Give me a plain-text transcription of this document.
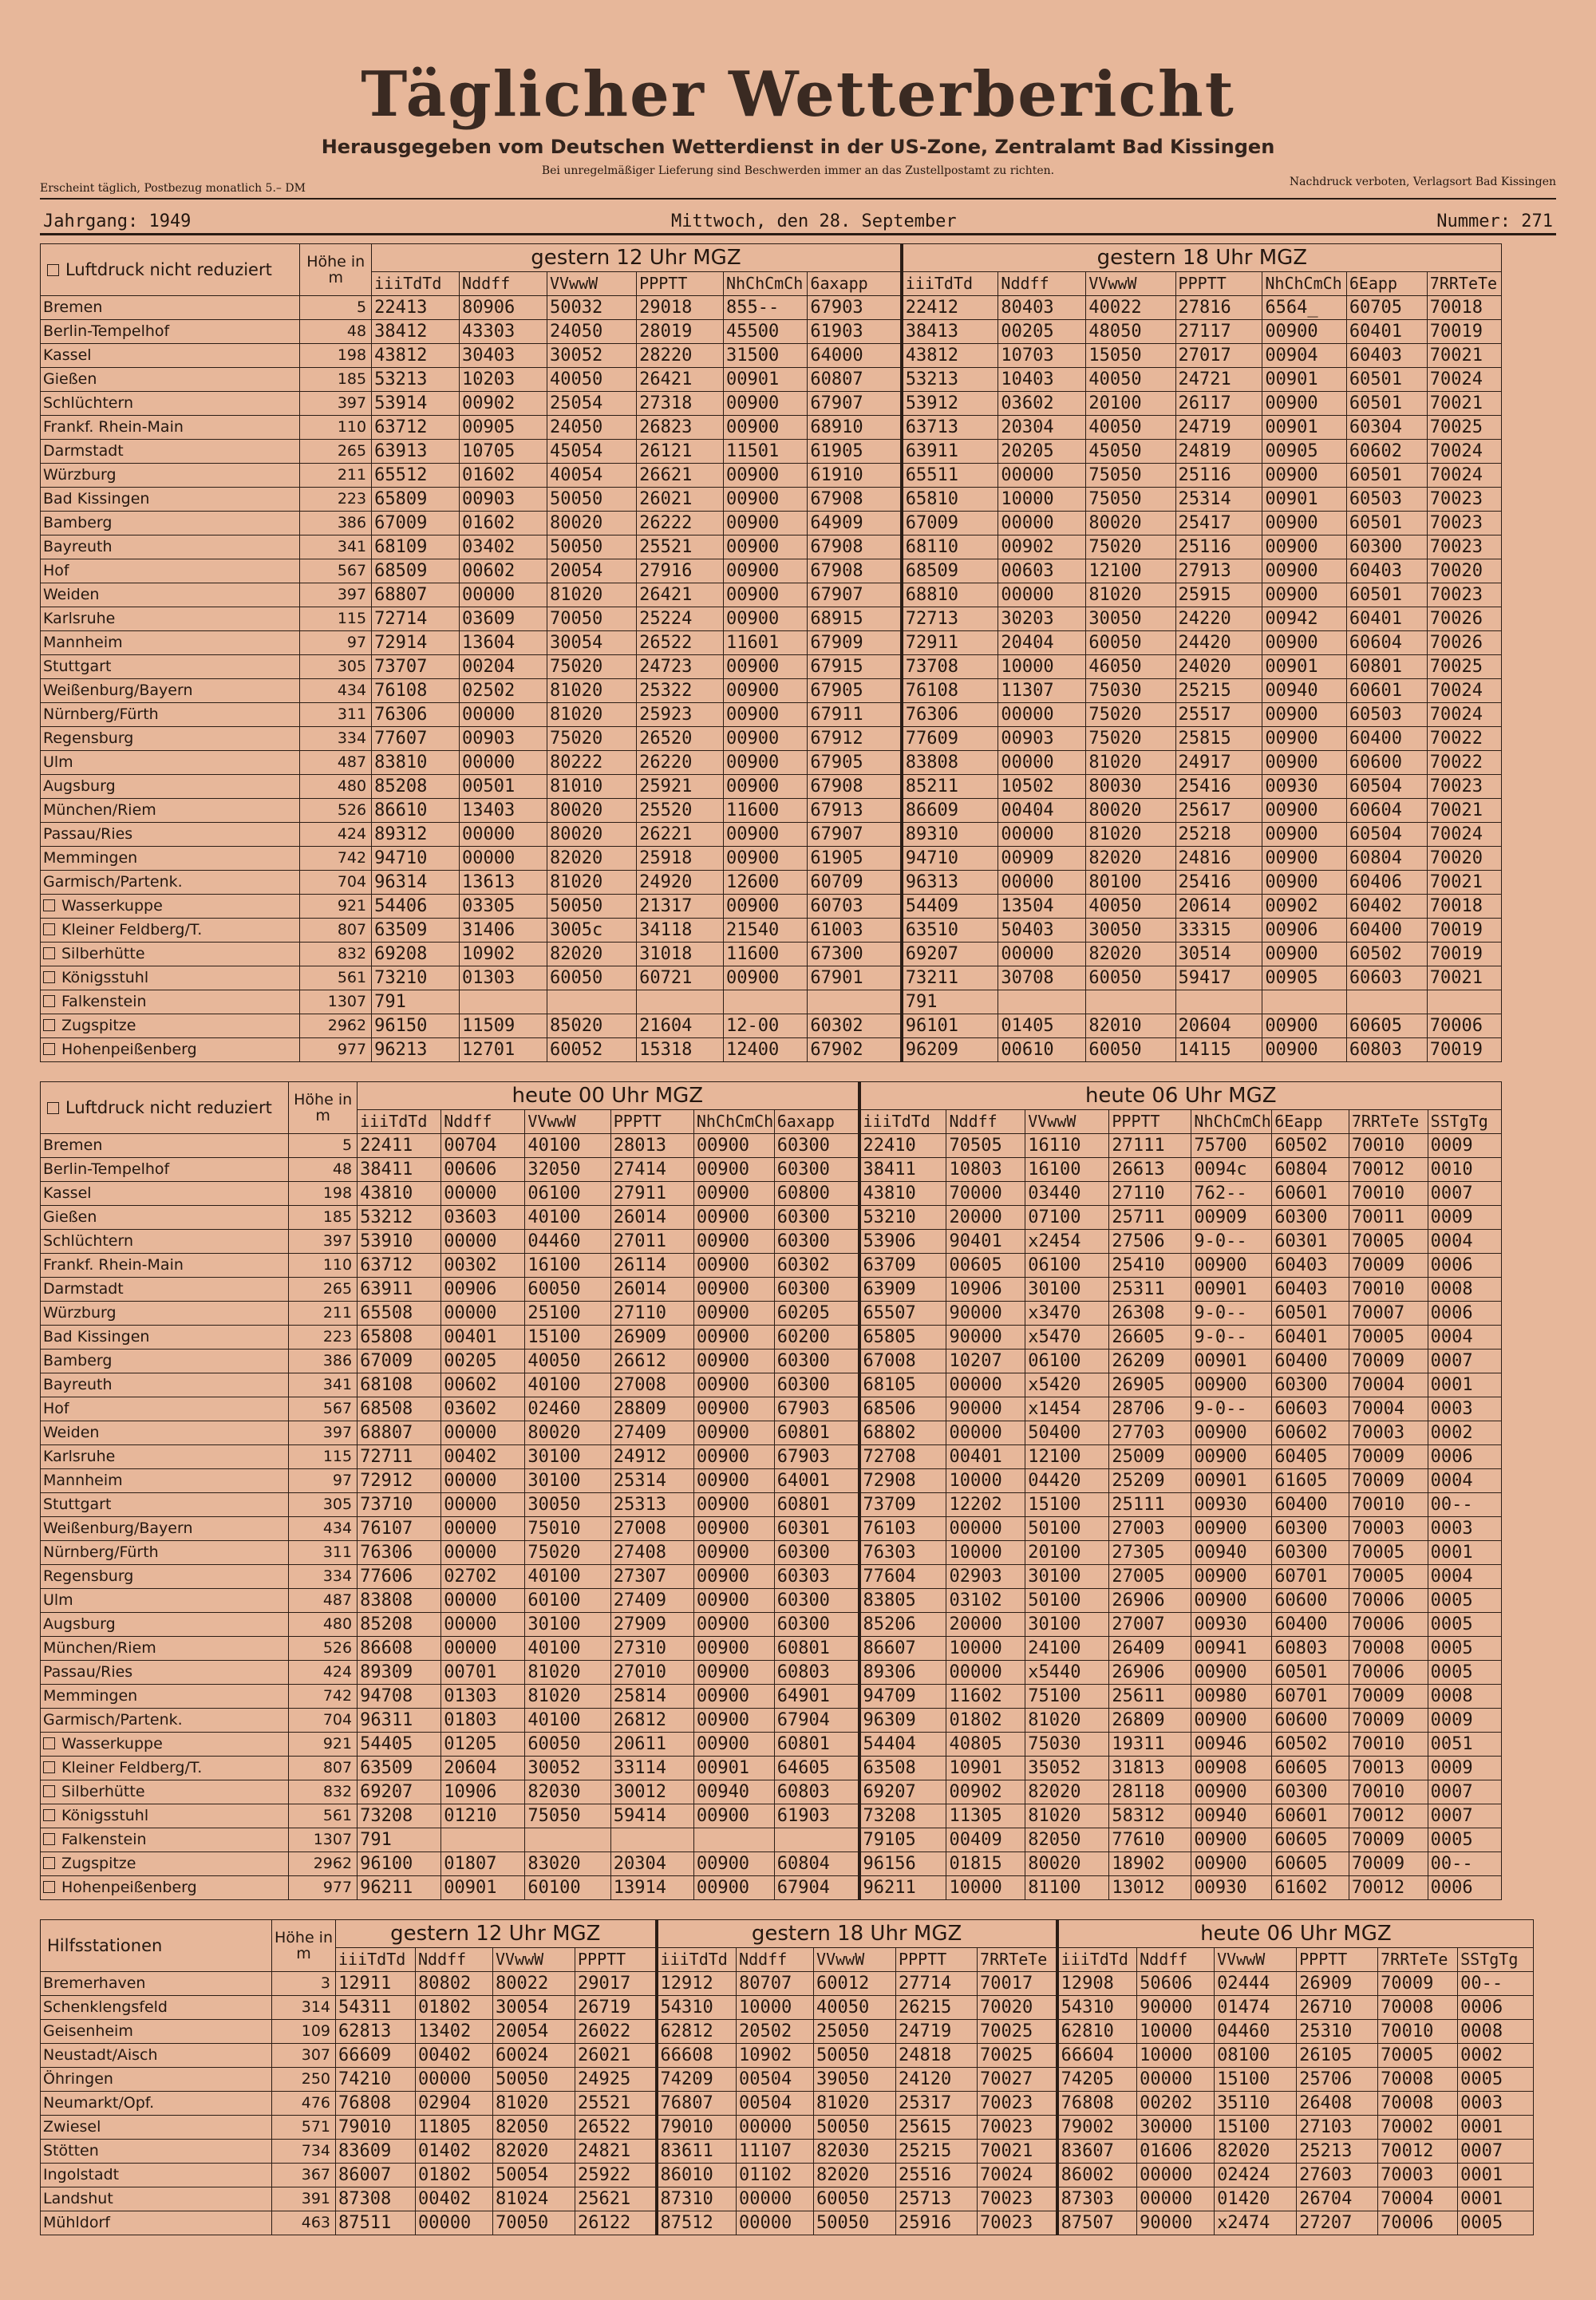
Täglicher Wetterbericht
Herausgegeben vom Deutschen Wetterdienst in der US-Zone, Zentralamt Bad Kissingen
Erscheint täglich, Postbezug monatlich 5.– DM
Bei unregelmäßiger Lieferung sind Beschwerden immer an das Zustellpostamt zu richten.
Nachdruck verboten, Verlagsort Bad Kissingen
Jahrgang: 1949	Mittwoch, den 28. September	Nummer: 271
Luftdruck nicht reduziert	Höhe in m	gestern 12 Uhr MGZ						gestern 18 Uhr MGZ						
		iiiTdTd	Nddff	VVwwW	PPPTT	NhChCmCh	6axapp	iiiTdTd	Nddff	VVwwW	PPPTT	NhChCmCh	6Eapp	7RRTeTe
Bremen	5	22413	80906	50032	29018	855--	67903	22412	80403	40022	27816	6564_	60705	70018
Berlin-Tempelhof	48	38412	43303	24050	28019	45500	61903	38413	00205	48050	27117	00900	60401	70019
Kassel	198	43812	30403	30052	28220	31500	64000	43812	10703	15050	27017	00904	60403	70021
Gießen	185	53213	10203	40050	26421	00901	60807	53213	10403	40050	24721	00901	60501	70024
Schlüchtern	397	53914	00902	25054	27318	00900	67907	53912	03602	20100	26117	00900	60501	70021
Frankf. Rhein-Main	110	63712	00905	24050	26823	00900	68910	63713	20304	40050	24719	00901	60304	70025
Darmstadt	265	63913	10705	45054	26121	11501	61905	63911	20205	45050	24819	00905	60602	70024
Würzburg	211	65512	01602	40054	26621	00900	61910	65511	00000	75050	25116	00900	60501	70024
Bad Kissingen	223	65809	00903	50050	26021	00900	67908	65810	10000	75050	25314	00901	60503	70023
Bamberg	386	67009	01602	80020	26222	00900	64909	67009	00000	80020	25417	00900	60501	70023
Bayreuth	341	68109	03402	50050	25521	00900	67908	68110	00902	75020	25116	00900	60300	70023
Hof	567	68509	00602	20054	27916	00900	67908	68509	00603	12100	27913	00900	60403	70020
Weiden	397	68807	00000	81020	26421	00900	67907	68810	00000	81020	25915	00900	60501	70023
Karlsruhe	115	72714	03609	70050	25224	00900	68915	72713	30203	30050	24220	00942	60401	70026
Mannheim	97	72914	13604	30054	26522	11601	67909	72911	20404	60050	24420	00900	60604	70026
Stuttgart	305	73707	00204	75020	24723	00900	67915	73708	10000	46050	24020	00901	60801	70025
Weißenburg/Bayern	434	76108	02502	81020	25322	00900	67905	76108	11307	75030	25215	00940	60601	70024
Nürnberg/Fürth	311	76306	00000	81020	25923	00900	67911	76306	00000	75020	25517	00900	60503	70024
Regensburg	334	77607	00903	75020	26520	00900	67912	77609	00903	75020	25815	00900	60400	70022
Ulm	487	83810	00000	80222	26220	00900	67905	83808	00000	81020	24917	00900	60600	70022
Augsburg	480	85208	00501	81010	25921	00900	67908	85211	10502	80030	25416	00930	60504	70023
München/Riem	526	86610	13403	80020	25520	11600	67913	86609	00404	80020	25617	00900	60604	70021
Passau/Ries	424	89312	00000	80020	26221	00900	67907	89310	00000	81020	25218	00900	60504	70024
Memmingen	742	94710	00000	82020	25918	00900	61905	94710	00909	82020	24816	00900	60804	70020
Garmisch/Partenk.	704	96314	13613	81020	24920	12600	60709	96313	00000	80100	25416	00900	60406	70021
Wasserkuppe	921	54406	03305	50050	21317	00900	60703	54409	13504	40050	20614	00902	60402	70018
Kleiner Feldberg/T.	807	63509	31406	3005c	34118	21540	61003	63510	50403	30050	33315	00906	60400	70019
Silberhütte	832	69208	10902	82020	31018	11600	67300	69207	00000	82020	30514	00900	60502	70019
Königsstuhl	561	73210	01303	60050	60721	00900	67901	73211	30708	60050	59417	00905	60603	70021
Falkenstein	1307	791						791						
Zugspitze	2962	96150	11509	85020	21604	12-00	60302	96101	01405	82010	20604	00900	60605	70006
Hohenpeißenberg	977	96213	12701	60052	15318	12400	67902	96209	00610	60050	14115	00900	60803	70019
Luftdruck nicht reduziert	Höhe in m	heute 00 Uhr MGZ						heute 06 Uhr MGZ							
		iiiTdTd	Nddff	VVwwW	PPPTT	NhChCmCh	6axapp	iiiTdTd	Nddff	VVwwW	PPPTT	NhChCmCh	6Eapp	7RRTeTe	SSTgTg
Bremen	5	22411	00704	40100	28013	00900	60300	22410	70505	16110	27111	75700	60502	70010	0009
Berlin-Tempelhof	48	38411	00606	32050	27414	00900	60300	38411	10803	16100	26613	0094c	60804	70012	0010
Kassel	198	43810	00000	06100	27911	00900	60800	43810	70000	03440	27110	762--	60601	70010	0007
Gießen	185	53212	03603	40100	26014	00900	60300	53210	20000	07100	25711	00909	60300	70011	0009
Schlüchtern	397	53910	00000	04460	27011	00900	60300	53906	90401	x2454	27506	9-0--	60301	70005	0004
Frankf. Rhein-Main	110	63712	00302	16100	26114	00900	60302	63709	00605	06100	25410	00900	60403	70009	0006
Darmstadt	265	63911	00906	60050	26014	00900	60300	63909	10906	30100	25311	00901	60403	70010	0008
Würzburg	211	65508	00000	25100	27110	00900	60205	65507	90000	x3470	26308	9-0--	60501	70007	0006
Bad Kissingen	223	65808	00401	15100	26909	00900	60200	65805	90000	x5470	26605	9-0--	60401	70005	0004
Bamberg	386	67009	00205	40050	26612	00900	60300	67008	10207	06100	26209	00901	60400	70009	0007
Bayreuth	341	68108	00602	40100	27008	00900	60300	68105	00000	x5420	26905	00900	60300	70004	0001
Hof	567	68508	03602	02460	28809	00900	67903	68506	90000	x1454	28706	9-0--	60603	70004	0003
Weiden	397	68807	00000	80020	27409	00900	60801	68802	00000	50400	27703	00900	60602	70003	0002
Karlsruhe	115	72711	00402	30100	24912	00900	67903	72708	00401	12100	25009	00900	60405	70009	0006
Mannheim	97	72912	00000	30100	25314	00900	64001	72908	10000	04420	25209	00901	61605	70009	0004
Stuttgart	305	73710	00000	30050	25313	00900	60801	73709	12202	15100	25111	00930	60400	70010	00--
Weißenburg/Bayern	434	76107	00000	75010	27008	00900	60301	76103	00000	50100	27003	00900	60300	70003	0003
Nürnberg/Fürth	311	76306	00000	75020	27408	00900	60300	76303	10000	20100	27305	00940	60300	70005	0001
Regensburg	334	77606	02702	40100	27307	00900	60303	77604	02903	30100	27005	00900	60701	70005	0004
Ulm	487	83808	00000	60100	27409	00900	60300	83805	03102	50100	26906	00900	60600	70006	0005
Augsburg	480	85208	00000	30100	27909	00900	60300	85206	20000	30100	27007	00930	60400	70006	0005
München/Riem	526	86608	00000	40100	27310	00900	60801	86607	10000	24100	26409	00941	60803	70008	0005
Passau/Ries	424	89309	00701	81020	27010	00900	60803	89306	00000	x5440	26906	00900	60501	70006	0005
Memmingen	742	94708	01303	81020	25814	00900	64901	94709	11602	75100	25611	00980	60701	70009	0008
Garmisch/Partenk.	704	96311	01803	40100	26812	00900	67904	96309	01802	81020	26809	00900	60600	70009	0009
Wasserkuppe	921	54405	01205	60050	20611	00900	60801	54404	40805	75030	19311	00946	60502	70010	0051
Kleiner Feldberg/T.	807	63509	20604	30052	33114	00901	64605	63508	10901	35052	31813	00908	60605	70013	0009
Silberhütte	832	69207	10906	82030	30012	00940	60803	69207	00902	82020	28118	00900	60300	70010	0007
Königsstuhl	561	73208	01210	75050	59414	00900	61903	73208	11305	81020	58312	00940	60601	70012	0007
Falkenstein	1307	791						79105	00409	82050	77610	00900	60605	70009	0005
Zugspitze	2962	96100	01807	83020	20304	00900	60804	96156	01815	80020	18902	00900	60605	70009	00--
Hohenpeißenberg	977	96211	00901	60100	13914	00900	67904	96211	10000	81100	13012	00930	61602	70012	0006
Hilfsstationen	Höhe in m	gestern 12 Uhr MGZ				gestern 18 Uhr MGZ					heute 06 Uhr MGZ					
		iiiTdTd	Nddff	VVwwW	PPPTT	iiiTdTd	Nddff	VVwwW	PPPTT	7RRTeTe	iiiTdTd	Nddff	VVwwW	PPPTT	7RRTeTe	SSTgTg
Bremerhaven	3	12911	80802	80022	29017	12912	80707	60012	27714	70017	12908	50606	02444	26909	70009	00--
Schenklengsfeld	314	54311	01802	30054	26719	54310	10000	40050	26215	70020	54310	90000	01474	26710	70008	0006
Geisenheim	109	62813	13402	20054	26022	62812	20502	25050	24719	70025	62810	10000	04460	25310	70010	0008
Neustadt/Aisch	307	66609	00402	60024	26021	66608	10902	50050	24818	70025	66604	10000	08100	26105	70005	0002
Öhringen	250	74210	00000	50050	24925	74209	00504	39050	24120	70027	74205	00000	15100	25706	70008	0005
Neumarkt/Opf.	476	76808	02904	81020	25521	76807	00504	81020	25317	70023	76808	00202	35110	26408	70008	0003
Zwiesel	571	79010	11805	82050	26522	79010	00000	50050	25615	70023	79002	30000	15100	27103	70002	0001
Stötten	734	83609	01402	82020	24821	83611	11107	82030	25215	70021	83607	01606	82020	25213	70012	0007
Ingolstadt	367	86007	01802	50054	25922	86010	01102	82020	25516	70024	86002	00000	02424	27603	70003	0001
Landshut	391	87308	00402	81024	25621	87310	00000	60050	25713	70023	87303	00000	01420	26704	70004	0001
Mühldorf	463	87511	00000	70050	26122	87512	00000	50050	25916	70023	87507	90000	x2474	27207	70006	0005
